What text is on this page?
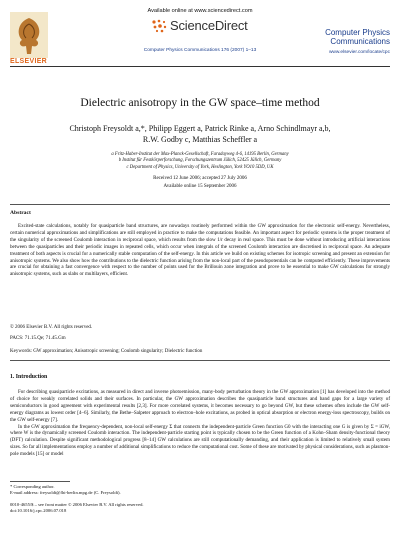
ELSEVIER
Available online at www.sciencedirect.com
ScienceDirect
Computer Physics Communications 176 (2007) 1–13
Computer Physics
Communications
www.elsevier.com/locate/cpc
Dielectric anisotropy in the GW space–time method
Christoph Freysoldt a,*, Philipp Eggert a, Patrick Rinke a, Arno Schindlmayr a,b,
R.W. Godby c, Matthias Scheffler a
a Fritz-Haber-Institut der Max-Planck-Gesellschaft, Faradayweg 4-6, 14195 Berlin, Germany
b Institut für Festkörperforschung, Forschungszentrum Jülich, 52425 Jülich, Germany
c Department of Physics, University of York, Heslington, York YO10 5DD, UK
Received 12 June 2006; accepted 27 July 2006
Available online 15 September 2006
Abstract
Excited-state calculations, notably for quasiparticle band structures, are nowadays routinely performed within the GW approximation for the electronic self-energy. Nevertheless, certain numerical approximations and simplifications are still employed in practice to make the computations feasible. An important aspect for periodic systems is the proper treatment of the singularity of the screened Coulomb interaction in reciprocal space, which results from the slow 1/r decay in real space. This must be done without introducing artificial interactions between the quasiparticles and their periodic images in repeated cells, which occur when integrals of the screened Coulomb interaction are discretised in reciprocal space. An adequate treatment of both aspects is crucial for a numerically stable computation of the self-energy. In this article we build on existing schemes for isotropic screening and present an extension for anisotropic systems. We also show how the contributions to the dielectric function arising from the non-local part of the pseudopotentials can be computed efficiently. These improvements are crucial for obtaining a fast convergence with respect to the number of points used for the Brillouin zone integration and prove to be essential to make GW calculations for strongly anisotropic systems, such as slabs or multilayers, efficient.
© 2006 Elsevier B.V. All rights reserved.
PACS: 71.15.Qe; 71.45.Gm
Keywords: GW approximation; Anisotropic screening; Coulomb singularity; Dielectric function
1. Introduction

For describing quasiparticle excitations, as measured in direct and inverse photoemission, many-body perturbation theory in the GW approximation [1] has developed into the method of choice for weakly correlated solids and their surfaces. In particular, the GW approximation describes the quasiparticle band structures and band gaps for a large variety of semiconductors in good agreement with experimental results [2,3]. For more correlated systems, it becomes necessary to go beyond GW, but these schemes often include the GW self-energy diagrams as lowest order [4–6]. Similarly, the Bethe–Salpeter approach to electron–hole excitations, as probed in optical absorption or electron energy-loss spectroscopy, builds on the GW self-energy [7].

In the GW approximation the frequency-dependent, non-local self-energy Σ that connects the independent-particle Green function G0 with the interacting one G is given by Σ = iGW, where W is the dynamically screened Coulomb interaction. The independent-particle starting point is typically chosen to be the Green function of a Kohn–Sham density-functional theory (DFT) calculation. Despite significant methodological progress [8–14] GW calculations are still computationally demanding, and their application is limited to relatively small system sizes. So far all implementations employ a number of additional simplifications to reduce the computational cost. Some of these are motivated by physical considerations, such as plasmon-pole models [15] or model

* Corresponding author.
E-mail address: freysoldt@fhi-berlin.mpg.de (C. Freysoldt).
0010-4655/$ – see front matter © 2006 Elsevier B.V. All rights reserved.
doi:10.1016/j.cpc.2006.07.018
